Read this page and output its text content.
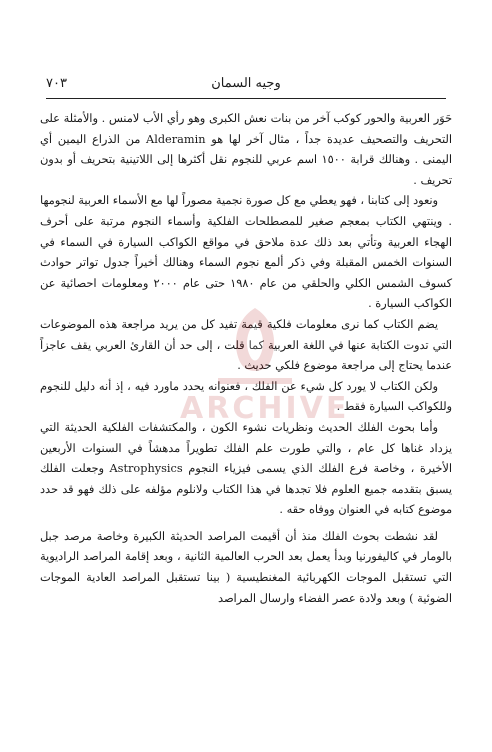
وجيه السمان
٧٠٣

حَوَر العربية والحور كوكب آخر من بنات نعش الكبرى وهو رأي الأب لامنس . والأمثلة على التحريف والتصحيف عديدة جداً ، مثال آخر لها هو Alderamin من الذراع اليمين أي اليمنى . وهنالك قرابة ١٥٠٠ اسم عربي للنجوم نقل أكثرها إلى اللاتينية بتحريف أو بدون تحريف .

ونعود إلى كتابنا ، فهو يعطي مع كل صورة نجمية مصوراً لها مع الأسماء العربية لنجومها . وينتهي الكتاب بمعجم صغير للمصطلحات الفلكية وأسماء النجوم مرتبة على أحرف الهجاء العربية وتأتي بعد ذلك عدة ملاحق في مواقع الكواكب السيارة في السماء في السنوات الخمس المقبلة وفي ذكر ألمع نجوم السماء وهنالك أخيراً جدول تواتر حوادث كسوف الشمس الكلي والحلقي من عام ١٩٨٠ حتى عام ٢٠٠٠ ومعلومات احصائية عن الكواكب السيارة .

يضم الكتاب كما نرى معلومات فلكية قيمة تفيد كل من يريد مراجعة هذه الموضوعات التي تدوت الكتابة عنها في اللغة العربية كما قلت ، إلى حد أن القارئ العربي يقف عاجزاً عندما يحتاج إلى مراجعة موضوع فلكي حديث .

ولكن الكتاب لا يورد كل شيء عن الفلك ، فعنوانه يحدد ماورد فيه ، إذ أنه دليل للنجوم وللكواكب السيارة فقط .

وأما بحوث الفلك الحديث ونظريات نشوء الكون ، والمكتشفات الفلكية الحديثة التي يزداد غناها كل عام ، والتي طورت علم الفلك تطويراً مدهشاً في السنوات الأربعين الأخيرة ، وخاصة فرع الفلك الذي يسمى فيزياء النجوم Astrophysics وجعلت الفلك يسبق بتقدمه جميع العلوم فلا تجدها في هذا الكتاب ولانلوم مؤلفه على ذلك فهو قد حدد موضوع كتابه في العنوان ووفاه حقه .

لقد نشطت بحوث الفلك منذ أن أقيمت المراصد الحديثة الكبيرة وخاصة مرصد جبل بالومار في كاليفورنيا وبدأ يعمل بعد الحرب العالمية الثانية ، وبعد إقامة المراصد الراديوية التي تستقبل الموجات الكهربائية المغنطيسية ( بينا تستقبل المراصد العادية الموجات الضوئية ) وبعد ولادة عصر الفضاء وارسال المراصد

ARCHIVE
